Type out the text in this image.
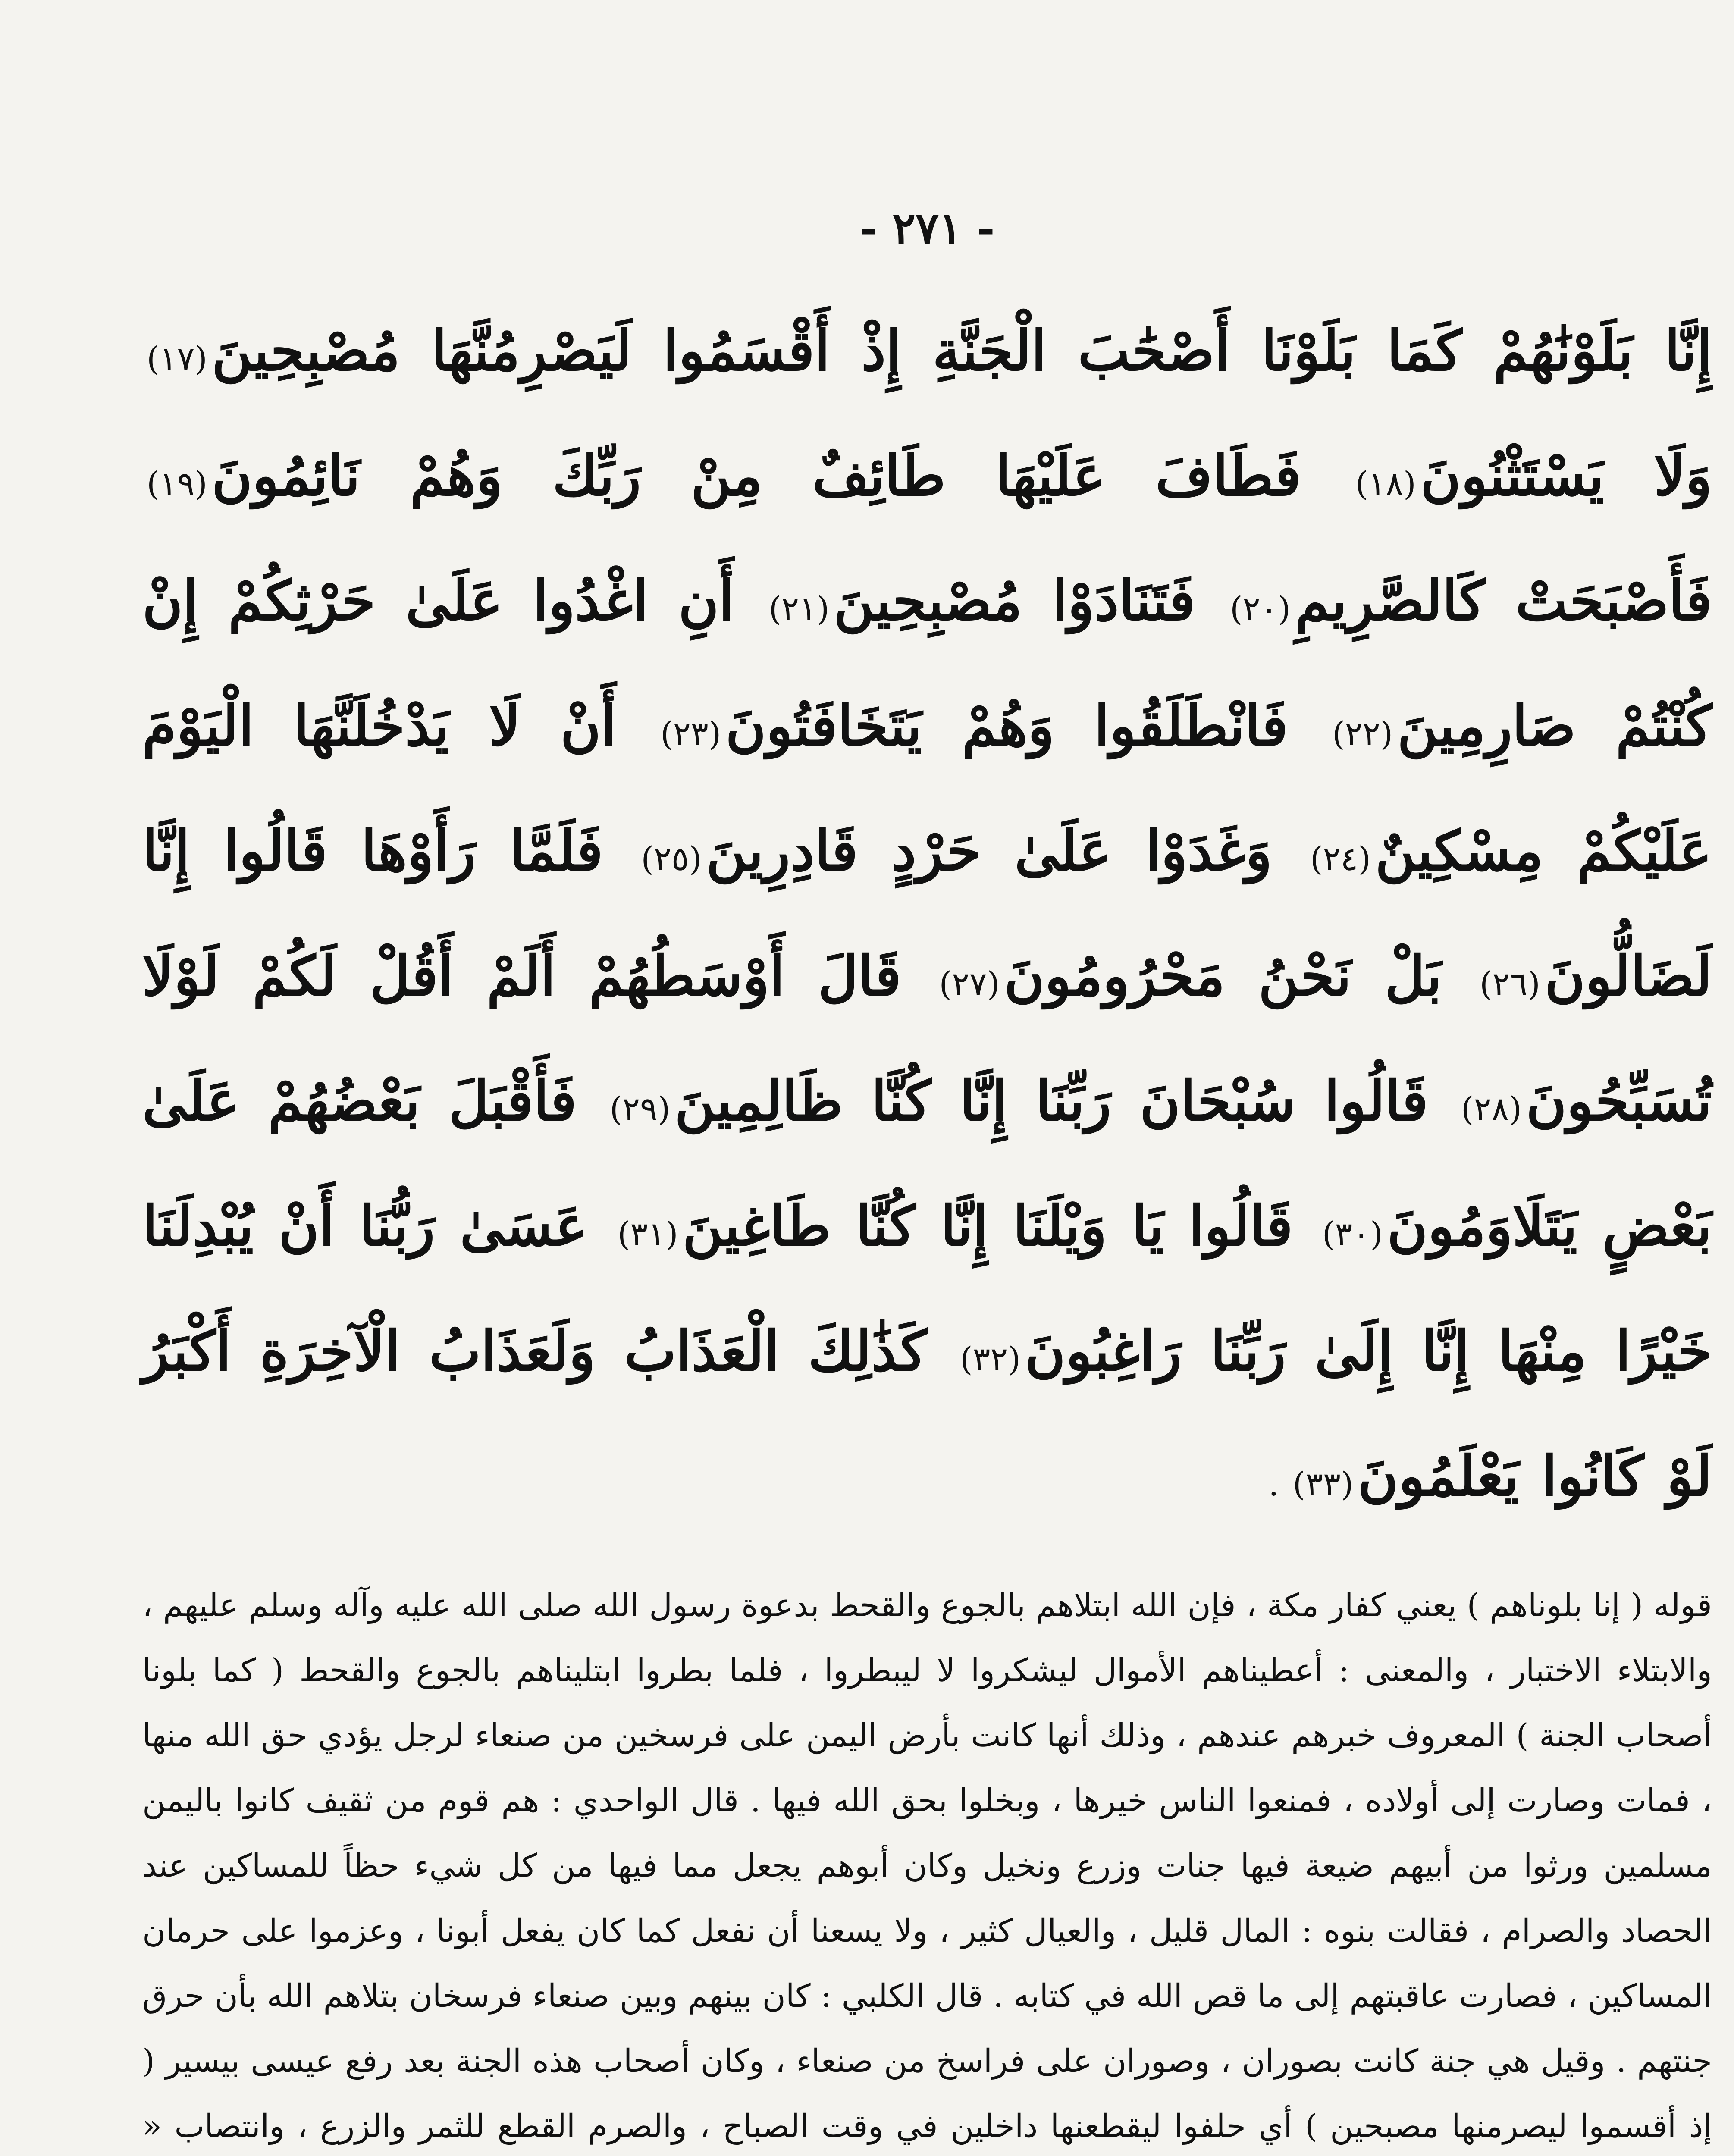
- ٢٧١ -
إِنَّا بَلَوْنَٰهُمْ كَمَا بَلَوْنَا أَصْحَٰبَ الْجَنَّةِ إِذْ أَقْسَمُوا لَيَصْرِمُنَّهَا مُصْبِحِينَ(١٧) وَلَا يَسْتَثْنُونَ(١٨) فَطَافَ عَلَيْهَا طَائِفٌ مِنْ رَبِّكَ وَهُمْ نَائِمُونَ(١٩) فَأَصْبَحَتْ كَالصَّرِيمِ(٢٠) فَتَنَادَوْا مُصْبِحِينَ(٢١) أَنِ اغْدُوا عَلَىٰ حَرْثِكُمْ إِنْ كُنْتُمْ صَارِمِينَ(٢٢) فَانْطَلَقُوا وَهُمْ يَتَخَافَتُونَ(٢٣) أَنْ لَا يَدْخُلَنَّهَا الْيَوْمَ عَلَيْكُمْ مِسْكِينٌ(٢٤) وَغَدَوْا عَلَىٰ حَرْدٍ قَادِرِينَ(٢٥) فَلَمَّا رَأَوْهَا قَالُوا إِنَّا لَضَالُّونَ(٢٦) بَلْ نَحْنُ مَحْرُومُونَ(٢٧) قَالَ أَوْسَطُهُمْ أَلَمْ أَقُلْ لَكُمْ لَوْلَا تُسَبِّحُونَ(٢٨) قَالُوا سُبْحَانَ رَبِّنَا إِنَّا كُنَّا ظَالِمِينَ(٢٩) فَأَقْبَلَ بَعْضُهُمْ عَلَىٰ بَعْضٍ يَتَلَاوَمُونَ(٣٠) قَالُوا يَا وَيْلَنَا إِنَّا كُنَّا طَاغِينَ(٣١) عَسَىٰ رَبُّنَا أَنْ يُبْدِلَنَا خَيْرًا مِنْهَا إِنَّا إِلَىٰ رَبِّنَا رَاغِبُونَ(٣٢) كَذَٰلِكَ الْعَذَابُ وَلَعَذَابُ الْآخِرَةِ أَكْبَرُ لَوْ كَانُوا يَعْلَمُونَ(٣٣) .

قوله ( إنا بلوناهم ) يعني كفار مكة ، فإن الله ابتلاهم بالجوع والقحط بدعوة رسول الله صلى الله عليه وآله وسلم عليهم ، والابتلاء الاختبار ، والمعنى : أعطيناهم الأموال ليشكروا لا ليبطروا ، فلما بطروا ابتليناهم بالجوع والقحط ( كما بلونا أصحاب الجنة ) المعروف خبرهم عندهم ، وذلك أنها كانت بأرض اليمن على فرسخين من صنعاء لرجل يؤدي حق الله منها ، فمات وصارت إلى أولاده ، فمنعوا الناس خيرها ، وبخلوا بحق الله فيها . قال الواحدي : هم قوم من ثقيف كانوا باليمن مسلمين ورثوا من أبيهم ضيعة فيها جنات وزرع ونخيل وكان أبوهم يجعل مما فيها من كل شيء حظاً للمساكين عند الحصاد والصرام ، فقالت بنوه : المال قليل ، والعيال كثير ، ولا يسعنا أن نفعل كما كان يفعل أبونا ، وعزموا على حرمان المساكين ، فصارت عاقبتهم إلى ما قص الله في كتابه . قال الكلبي : كان بينهم وبين صنعاء فرسخان بتلاهم الله بأن حرق جنتهم . وقيل هي جنة كانت بصوران ، وصوران على فراسخ من صنعاء ، وكان أصحاب هذه الجنة بعد رفع عيسى بيسير ( إذ أقسموا ليصرمنها مصبحين ) أي حلفوا ليقطعنها داخلين في وقت الصباح ، والصرم القطع للثمر والزرع ، وانتصاب «
